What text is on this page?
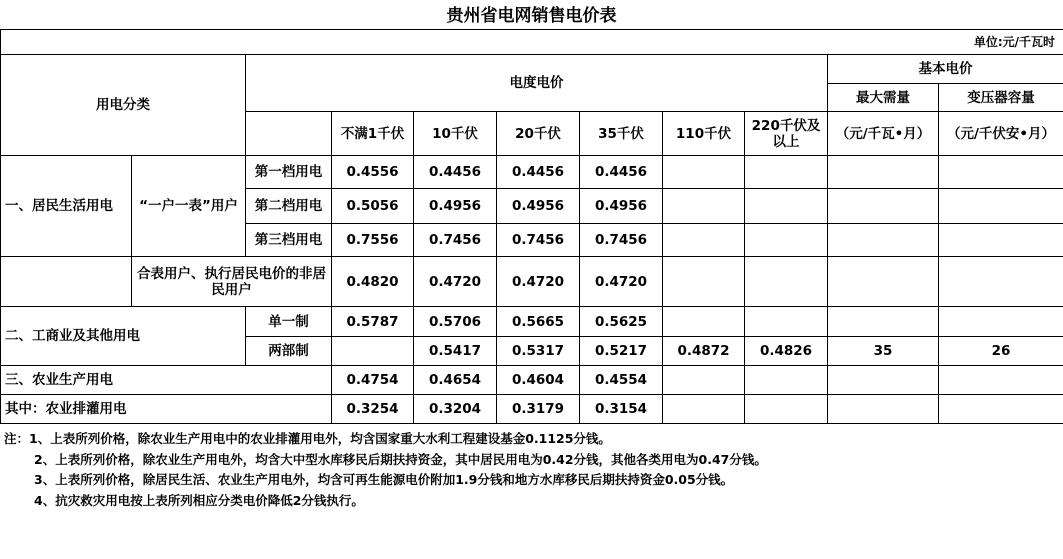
贵州省电网销售电价表
单位:元/千瓦时										
用电分类		电度电价							基本电价	
									最大需量	变压器容量
			不满1千伏	10千伏	20千伏	35千伏	110千伏	220千伏及以上	（元/千瓦•月）	（元/千伏安•月）
一、居民生活用电	“一户一表”用户	第一档用电	0.4556	0.4456	0.4456	0.4456				
		第二档用电	0.5056	0.4956	0.4956	0.4956				
		第三档用电	0.7556	0.7456	0.7456	0.7456				
	合表用户、执行居民电价的非居民用户		0.4820	0.4720	0.4720	0.4720				
二、工商业及其他用电		单一制	0.5787	0.5706	0.5665	0.5625				
		两部制		0.5417	0.5317	0.5217	0.4872	0.4826	35	26
三、农业生产用电			0.4754	0.4654	0.4604	0.4554				
其中：农业排灌用电			0.3254	0.3204	0.3179	0.3154				
注：1、上表所列价格，除农业生产用电中的农业排灌用电外，均含国家重大水利工程建设基金0.1125分钱。
2、上表所列价格，除农业生产用电外，均含大中型水库移民后期扶持资金，其中居民用电为0.42分钱，其他各类用电为0.47分钱。
3、上表所列价格，除居民生活、农业生产用电外，均含可再生能源电价附加1.9分钱和地方水库移民后期扶持资金0.05分钱。
4、抗灾救灾用电按上表所列相应分类电价降低2分钱执行。
